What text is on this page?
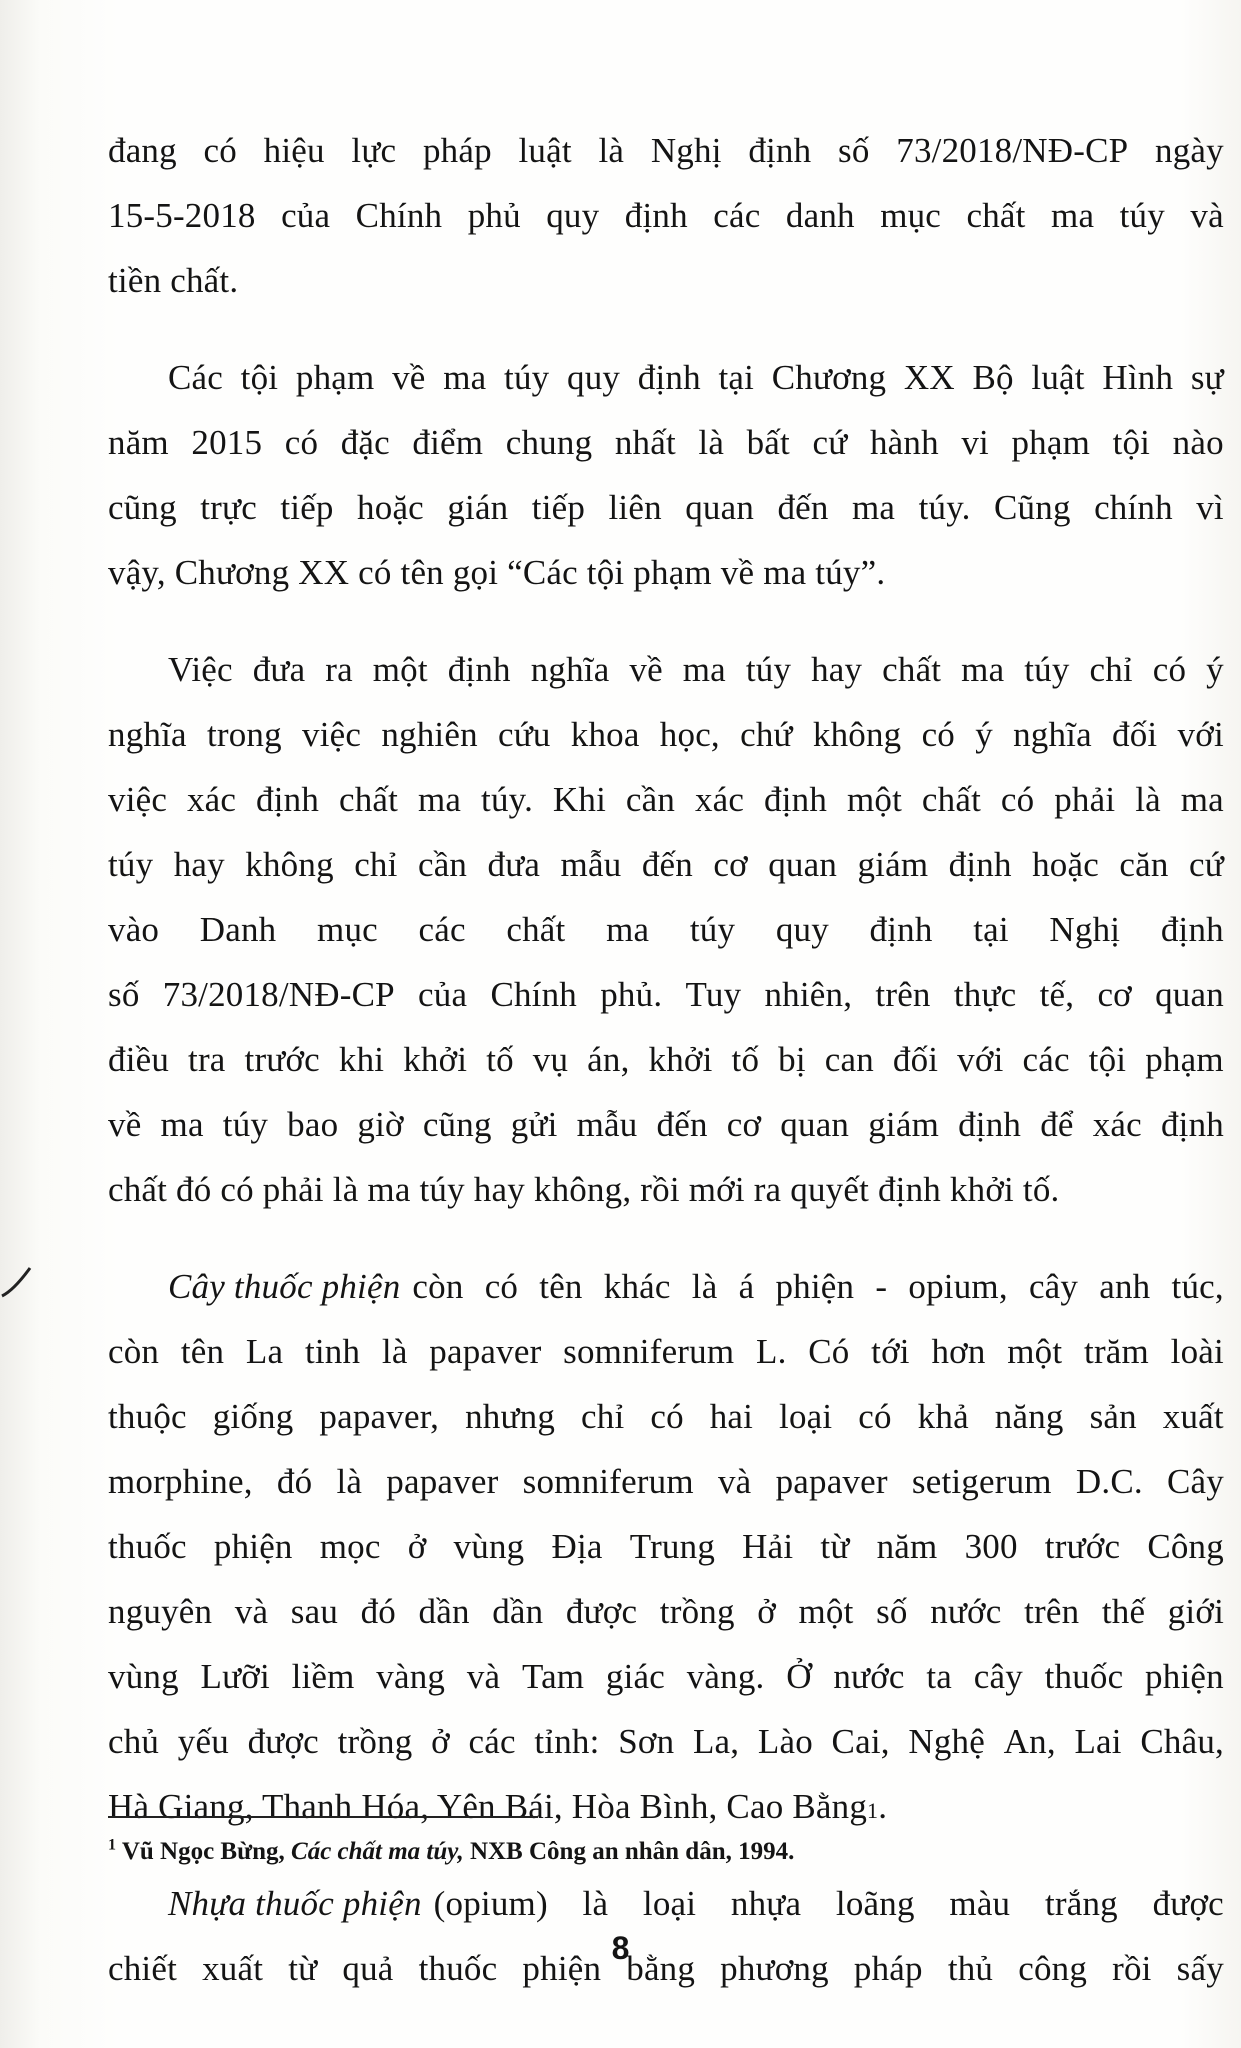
đang có hiệu lực pháp luật là Nghị định số 73/2018/NĐ-CP ngày
15-5-2018 của Chính phủ quy định các danh mục chất ma túy và
tiền chất.
Các tội phạm về ma túy quy định tại Chương XX Bộ luật Hình sự
năm 2015 có đặc điểm chung nhất là bất cứ hành vi phạm tội nào
cũng trực tiếp hoặc gián tiếp liên quan đến ma túy. Cũng chính vì
vậy, Chương XX có tên gọi “Các tội phạm về ma túy”.
Việc đưa ra một định nghĩa về ma túy hay chất ma túy chỉ có ý
nghĩa trong việc nghiên cứu khoa học, chứ không có ý nghĩa đối với
việc xác định chất ma túy. Khi cần xác định một chất có phải là ma
túy hay không chỉ cần đưa mẫu đến cơ quan giám định hoặc căn cứ
vào Danh mục các chất ma túy quy định tại Nghị định
số 73/2018/NĐ-CP của Chính phủ. Tuy nhiên, trên thực tế, cơ quan
điều tra trước khi khởi tố vụ án, khởi tố bị can đối với các tội phạm
về ma túy bao giờ cũng gửi mẫu đến cơ quan giám định để xác định
chất đó có phải là ma túy hay không, rồi mới ra quyết định khởi tố.
Cây thuốc phiện còn có tên khác là á phiện - opium, cây anh túc,
còn tên La tinh là papaver somniferum L. Có tới hơn một trăm loài
thuộc giống papaver, nhưng chỉ có hai loại có khả năng sản xuất
morphine, đó là papaver somniferum và papaver setigerum D.C. Cây
thuốc phiện mọc ở vùng Địa Trung Hải từ năm 300 trước Công
nguyên và sau đó dần dần được trồng ở một số nước trên thế giới
vùng Lưỡi liềm vàng và Tam giác vàng. Ở nước ta cây thuốc phiện
chủ yếu được trồng ở các tỉnh: Sơn La, Lào Cai, Nghệ An, Lai Châu,
Hà Giang, Thanh Hóa, Yên Bái, Hòa Bình, Cao Bằng 1 .
Nhựa thuốc phiện (opium) là loại nhựa loãng màu trắng được
chiết xuất từ quả thuốc phiện bằng phương pháp thủ công rồi sấy
$^1$ Vũ Ngọc Bừng, Các chất ma túy, NXB Công an nhân dân, 1994.
8
